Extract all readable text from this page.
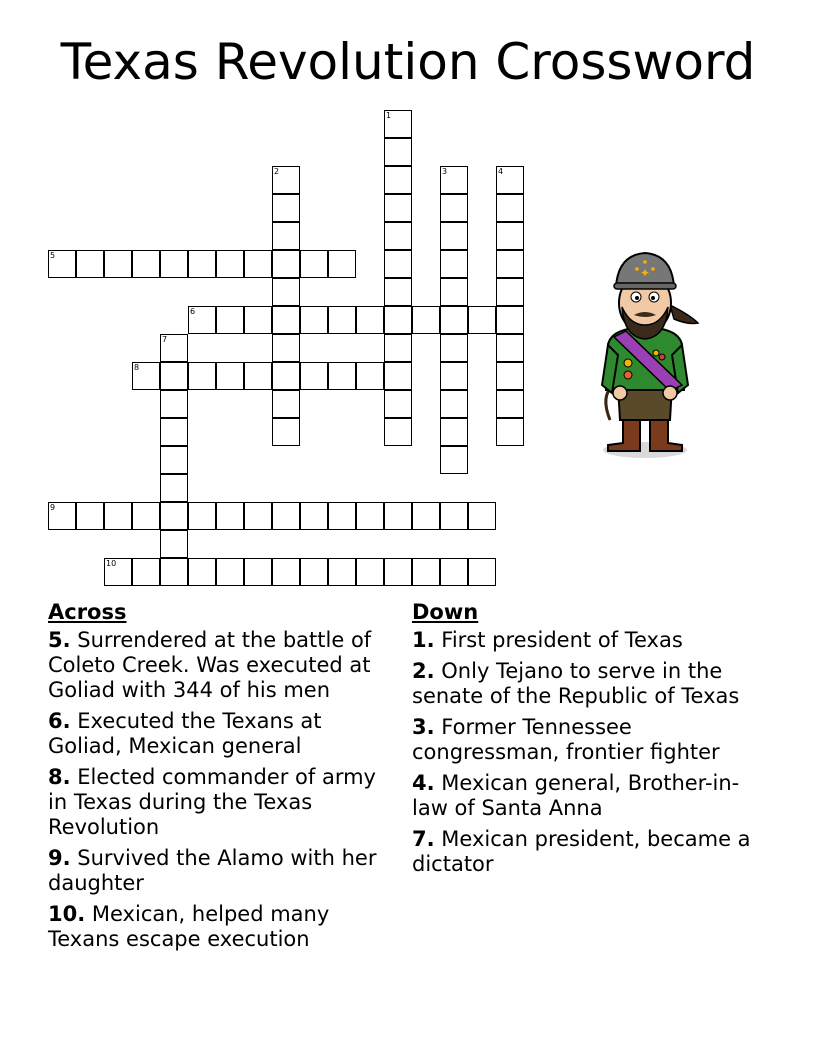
Texas Revolution Crossword
1
2	3	4
5
6
7
8
9
10
Across
5. Surrendered at the battle of Coleto Creek. Was executed at Goliad with 344 of his men
6. Executed the Texans at Goliad, Mexican general
8. Elected commander of army in Texas during the Texas Revolution
9. Survived the Alamo with her daughter
10. Mexican, helped many Texans escape execution
Down
1. First president of Texas
2. Only Tejano to serve in the senate of the Republic of Texas
3. Former Tennessee congressman, frontier fighter
4. Mexican general, Brother-in-law of Santa Anna
7. Mexican president, became a dictator
✦
